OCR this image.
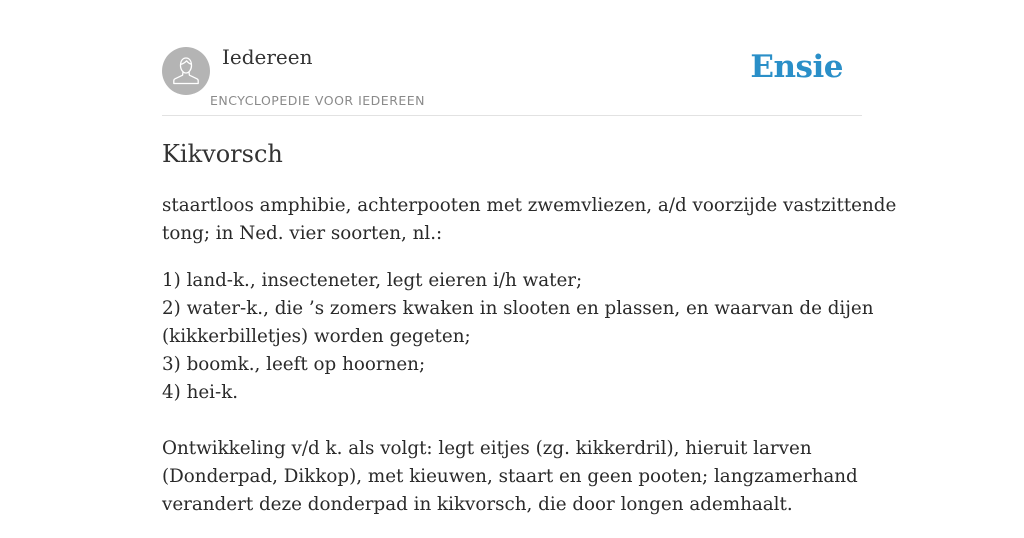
Iedereen
ENCYCLOPEDIE VOOR IEDEREEN
Ensie
Kikvorsch

staartloos amphibie, achterpooten met zwemvliezen, a/d voorzijde vastzittende
tong; in Ned. vier soorten, nl.:

1) land-k., insecteneter, legt eieren i/h water;
2) water-k., die ’s zomers kwaken in slooten en plassen, en waarvan de dijen
(kikkerbilletjes) worden gegeten;
3) boomk., leeft op hoornen;
4) hei-k.

Ontwikkeling v/d k. als volgt: legt eitjes (zg. kikkerdril), hieruit larven
(Donderpad, Dikkop), met kieuwen, staart en geen pooten; langzamerhand
verandert deze donderpad in kikvorsch, die door longen ademhaalt.
